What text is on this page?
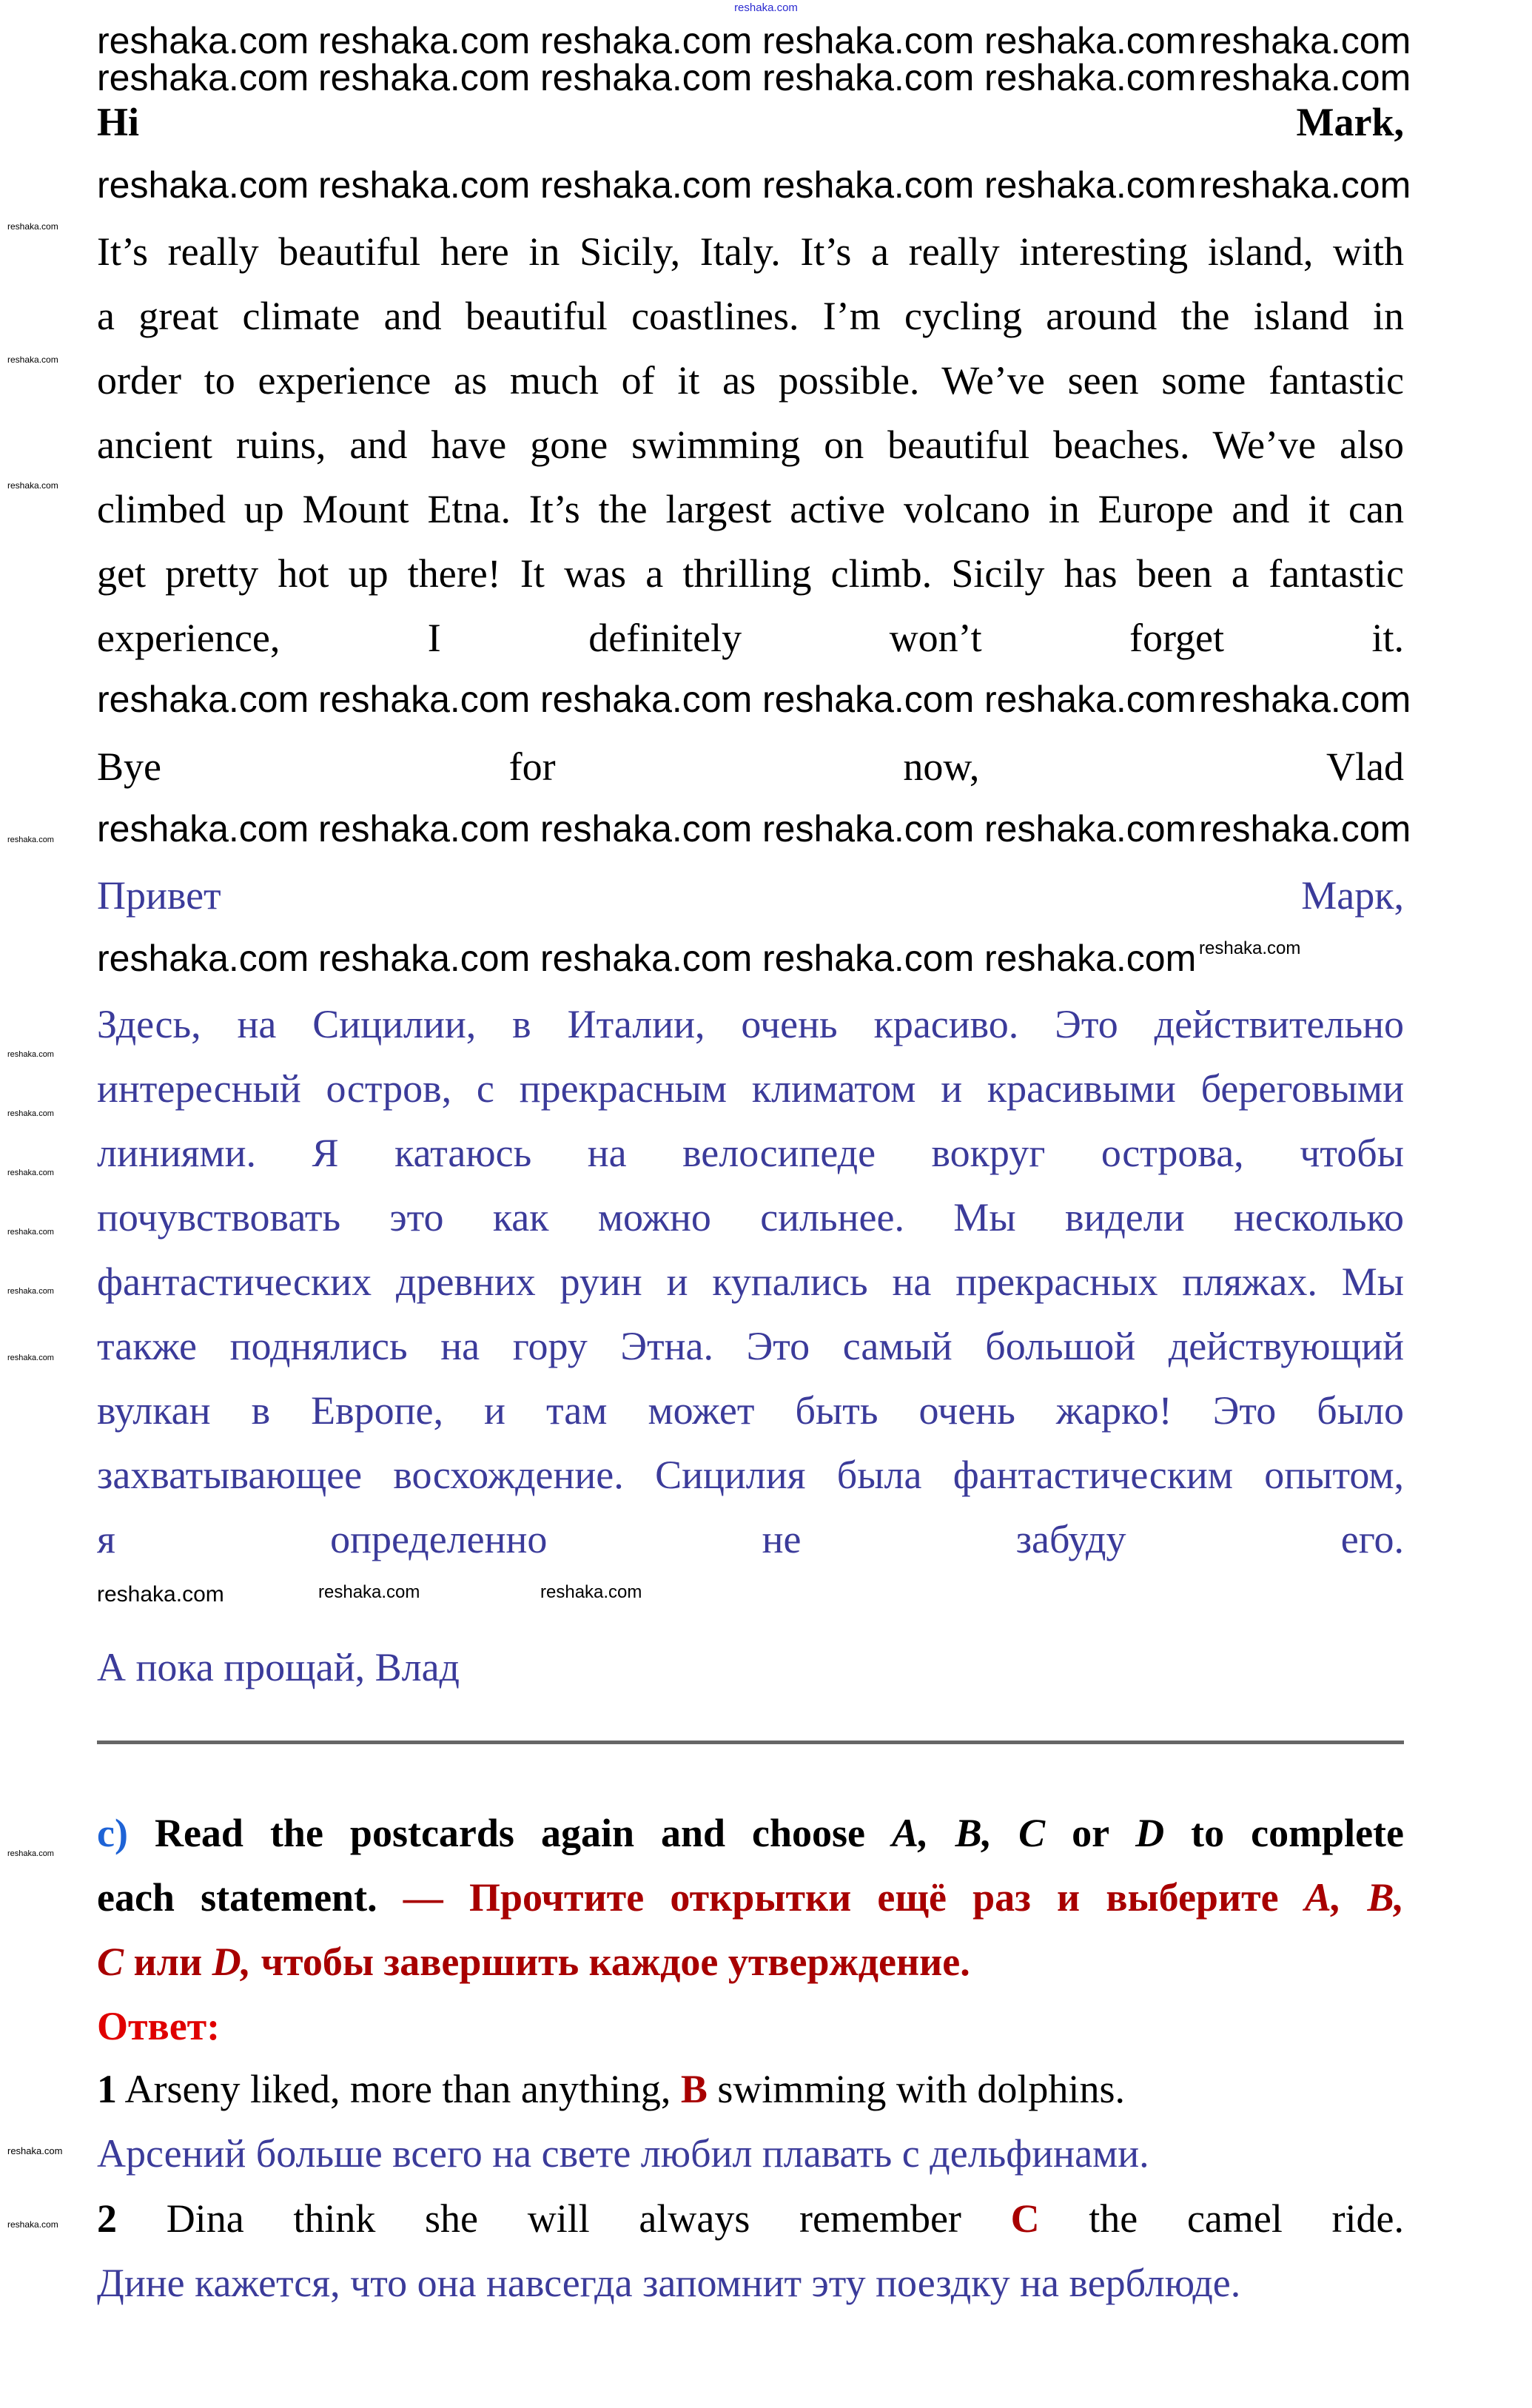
reshaka.com
Hi	Mark,
It’s really beautiful here in Sicily, Italy. It’s a really interesting island, with
a great climate and beautiful coastlines. I’m cycling around the island in
order to experience as much of it as possible. We’ve seen some fantastic
ancient ruins, and have gone swimming on beautiful beaches. We’ve also
climbed up Mount Etna. It’s the largest active volcano in Europe and it can
get pretty hot up there! It was a thrilling climb. Sicily has been a fantastic
experience, I definitely won’t forget it.
Bye for now, Vlad
Привет	Марк,
Здесь, на Сицилии, в Италии, очень красиво. Это действительно
интересный остров, с прекрасным климатом и красивыми береговыми
линиями. Я катаюсь на велосипеде вокруг острова, чтобы
почувствовать это как можно сильнее. Мы видели несколько
фантастических древних руин и купались на прекрасных пляжах. Мы
также поднялись на гору Этна. Это самый большой действующий
вулкан в Европе, и там может быть очень жарко! Это было
захватывающее восхождение. Сицилия была фантастическим опытом,
я определенно не забуду его.
А пока прощай, Влад
c) Read the postcards again and choose A, B, C or D to complete
each statement. — Прочтите открытки ещё раз и выберите A, B,
C или D, чтобы завершить каждое утверждение.
Ответ:
1 Arseny liked, more than anything, B swimming with dolphins.
Арсений больше всего на свете любил плавать с дельфинами.
2 Dina think she will always remember C the camel ride.
Дине кажется, что она навсегда запомнит эту поездку на верблюде.
reshaka.com reshaka.com reshaka.com reshaka.com reshaka.com reshaka.com
reshaka.com reshaka.com reshaka.com reshaka.com reshaka.com reshaka.com
reshaka.com reshaka.com reshaka.com reshaka.com reshaka.com reshaka.com
reshaka.com reshaka.com reshaka.com reshaka.com reshaka.com reshaka.com
reshaka.com reshaka.com reshaka.com reshaka.com reshaka.com reshaka.com
reshaka.com reshaka.com reshaka.com reshaka.com reshaka.com reshaka.com
reshaka.com	reshaka.com	reshaka.com
reshaka.com
reshaka.com
reshaka.com
reshaka.com
reshaka.com
reshaka.com
reshaka.com
reshaka.com
reshaka.com
reshaka.com
reshaka.com
reshaka.com
reshaka.com
